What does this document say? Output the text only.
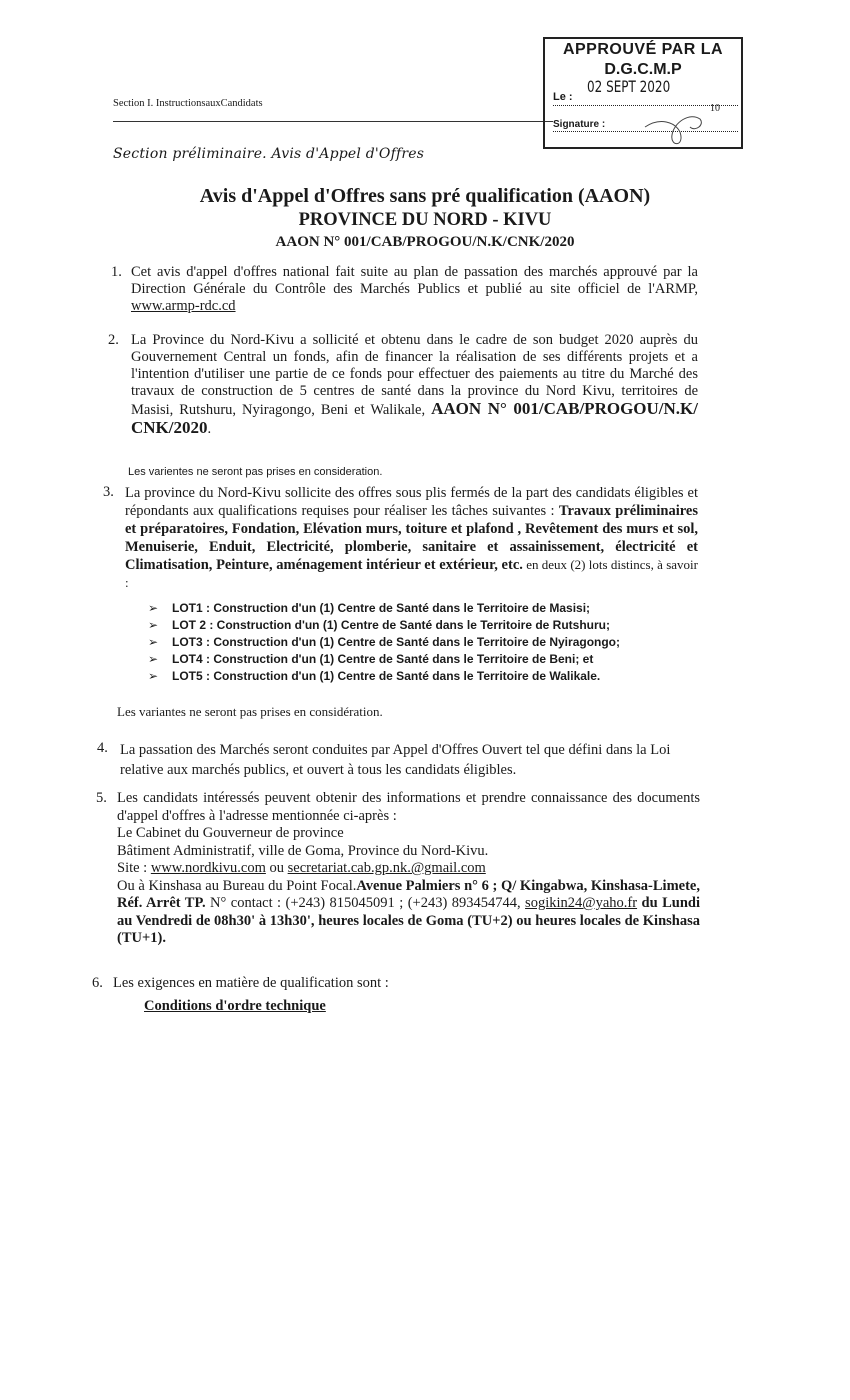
Section I. InstructionsauxCandidats
APPROUVÉ PAR LA
D.G.C.M.P
02 SEPT 2020
Le :
Signature :
10
Section préliminaire. Avis d'Appel d'Offres
Avis d'Appel d'Offres sans pré qualification (AAON)
PROVINCE DU NORD - KIVU
AAON N° 001/CAB/PROGOU/N.K/CNK/2020
1. Cet avis d'appel d'offres national fait suite au plan de passation des marchés approuvé par la Direction Générale du Contrôle des Marchés Publics et publié au site officiel de l'ARMP, www.armp-rdc.cd
2. La Province du Nord-Kivu a sollicité et obtenu dans le cadre de son budget 2020 auprès du Gouvernement Central un fonds, afin de financer la réalisation de ses différents projets et a l'intention d'utiliser une partie de ce fonds pour effectuer des paiements au titre du Marché des travaux de construction de 5 centres de santé dans la province du Nord Kivu, territoires de Masisi, Rutshuru, Nyiragongo, Beni et Walikale, AAON N° 001/CAB/PROGOU/N.K/ CNK/2020.
Les varientes ne seront pas prises en consideration.
3. La province du Nord-Kivu sollicite des offres sous plis fermés de la part des candidats éligibles et répondants aux qualifications requises pour réaliser les tâches suivantes : Travaux préliminaires et préparatoires, Fondation, Elévation murs, toiture et plafond , Revêtement des murs et sol, Menuiserie, Enduit, Electricité, plomberie, sanitaire et assainissement, électricité et Climatisation, Peinture, aménagement intérieur et extérieur, etc. en deux (2) lots distincs, à savoir :
➢ LOT1 : Construction d'un (1) Centre de Santé dans le Territoire de Masisi;
➢ LOT 2 : Construction d'un (1) Centre de Santé dans le Territoire de Rutshuru;
➢ LOT3 : Construction d'un (1) Centre de Santé dans le Territoire de Nyiragongo;
➢ LOT4 : Construction d'un (1) Centre de Santé dans le Territoire de Beni; et
➢ LOT5 : Construction d'un (1) Centre de Santé dans le Territoire de Walikale.
Les variantes ne seront pas prises en considération.
4. La passation des Marchés seront conduites par Appel d'Offres Ouvert tel que défini dans la Loi relative aux marchés publics, et ouvert à tous les candidats éligibles.
5. Les candidats intéressés peuvent obtenir des informations et prendre connaissance des documents d'appel d'offres à l'adresse mentionnée ci-après :
Le Cabinet du Gouverneur de province
Bâtiment Administratif, ville de Goma, Province du Nord-Kivu.
Site : www.nordkivu.com ou secretariat.cab.gp.nk.@gmail.com
Ou à Kinshasa au Bureau du Point Focal.Avenue Palmiers n° 6 ; Q/ Kingabwa, Kinshasa-Limete, Réf. Arrêt TP. N° contact : (+243) 815045091 ; (+243) 893454744, sogikin24@yaho.fr du Lundi au Vendredi de 08h30' à 13h30', heures locales de Goma (TU+2) ou heures locales de Kinshasa (TU+1).
6. Les exigences en matière de qualification sont :
Conditions d'ordre technique
